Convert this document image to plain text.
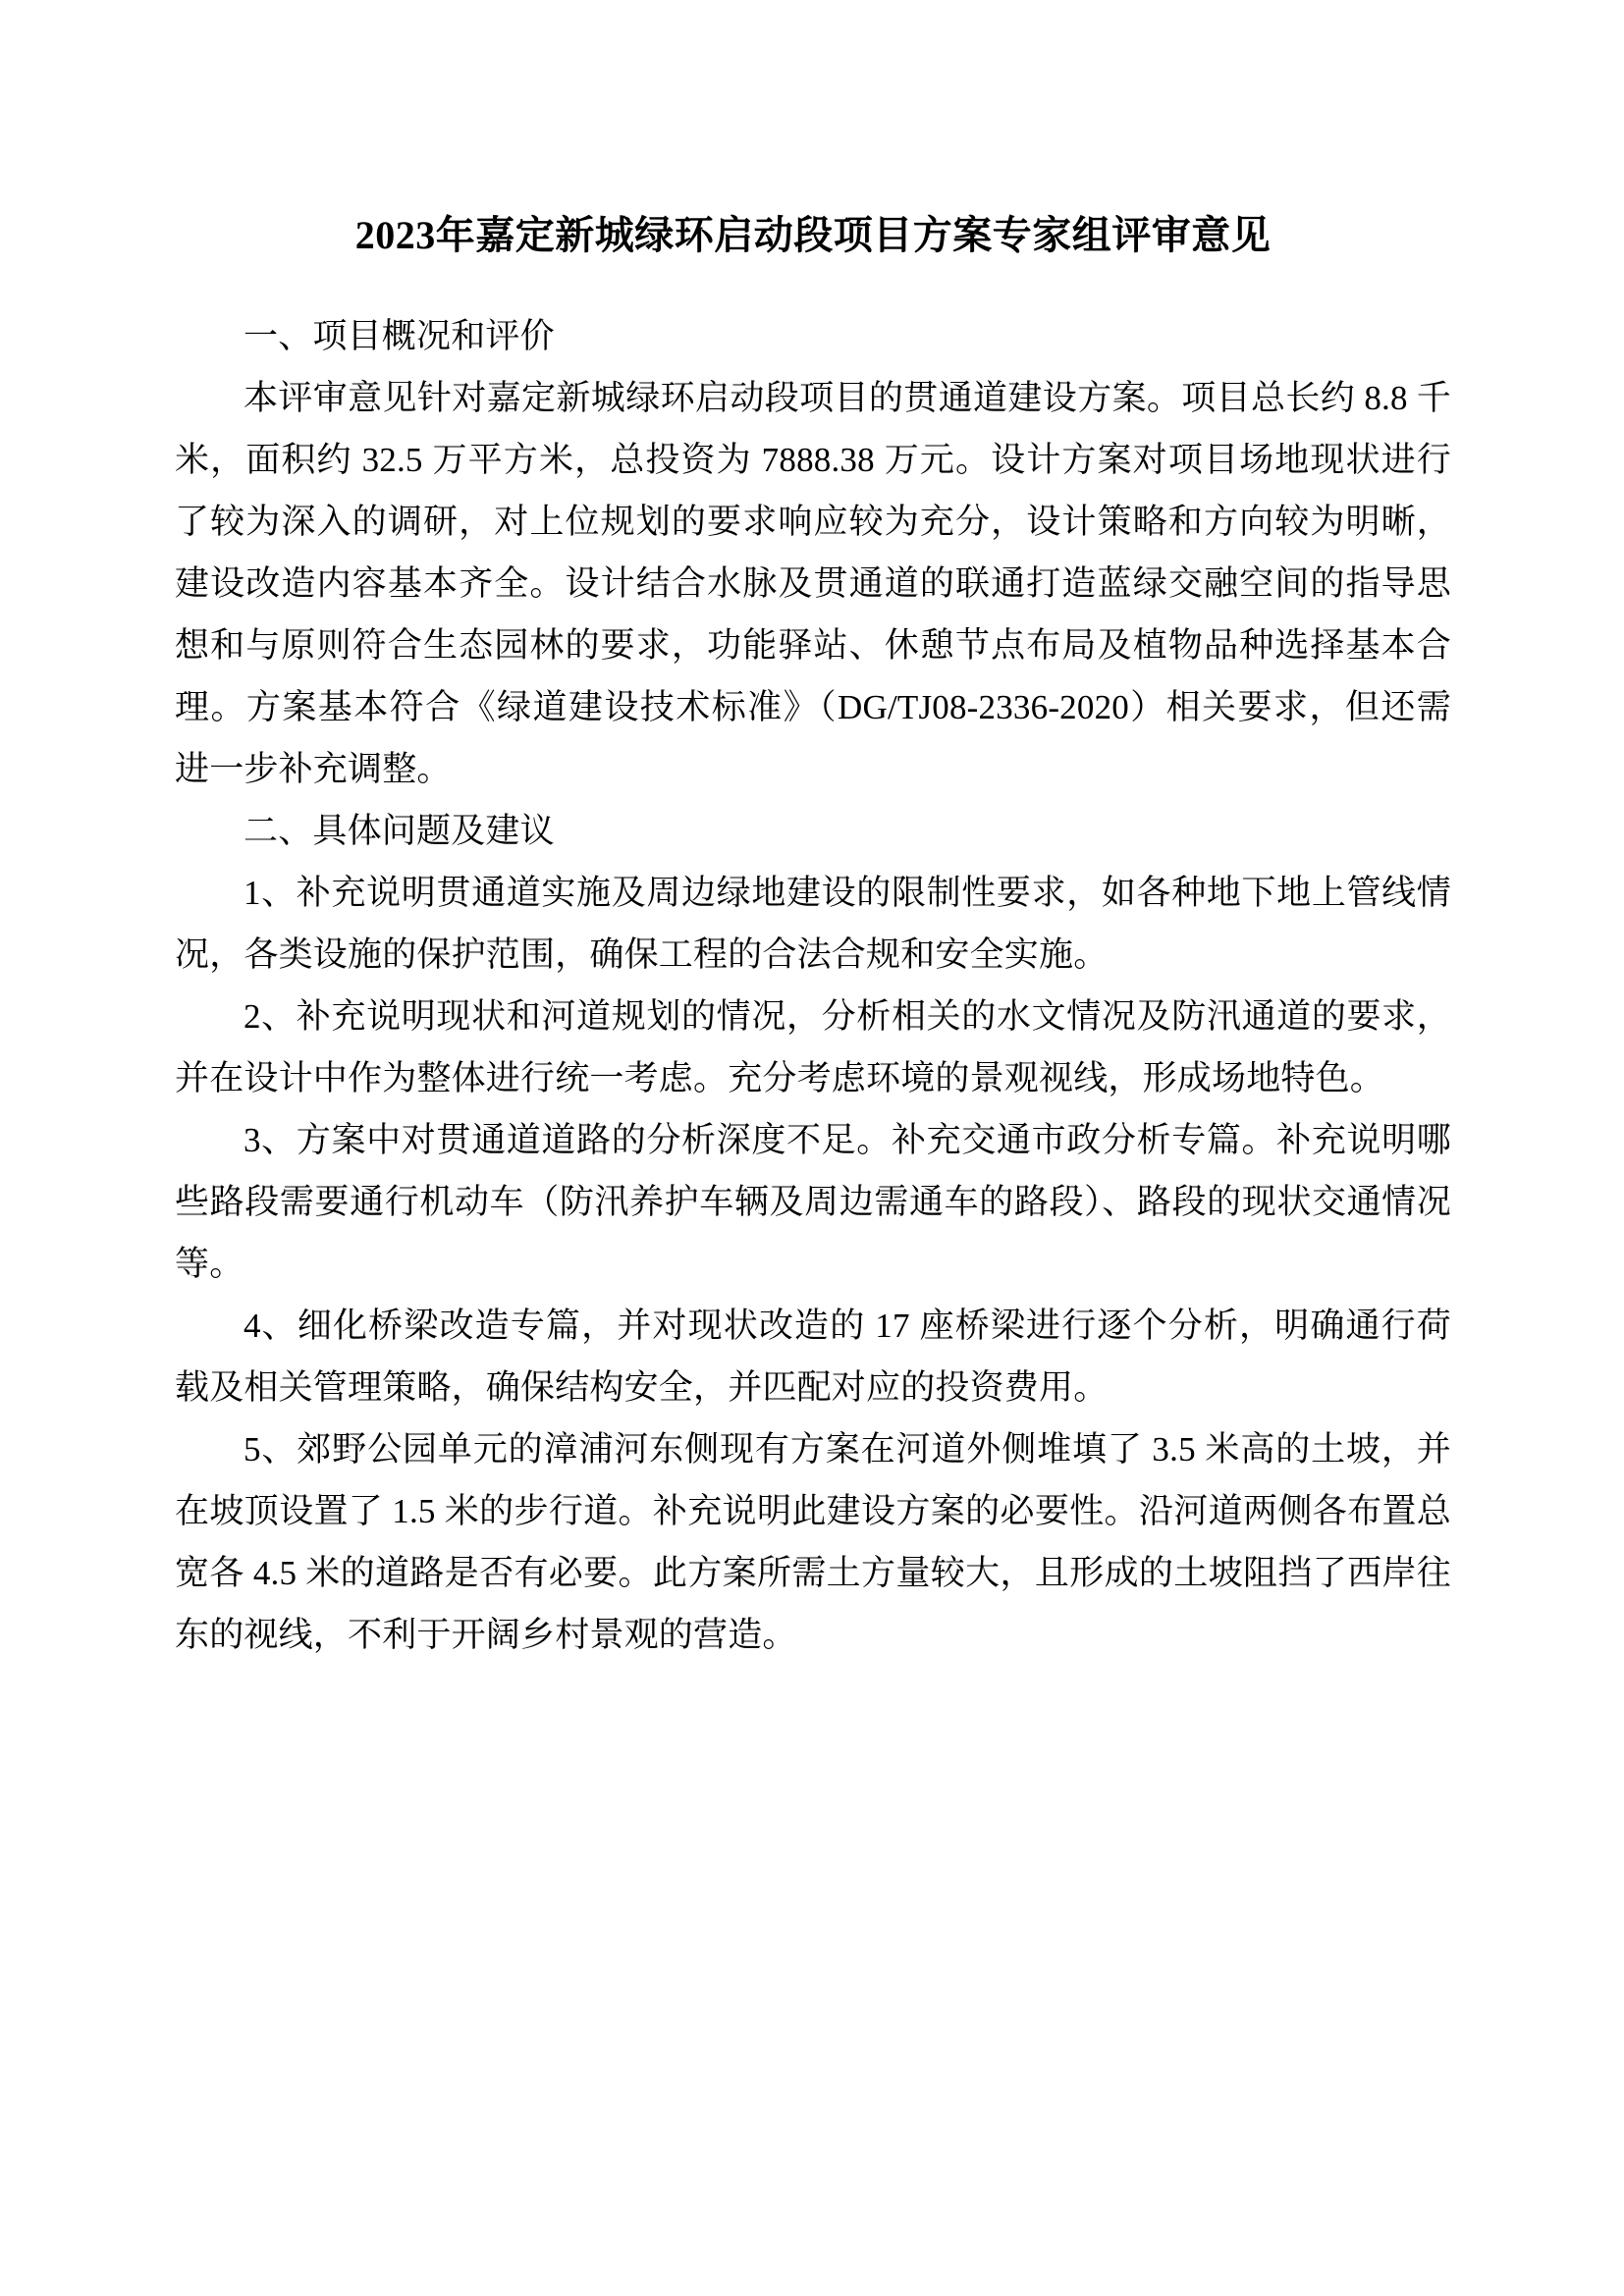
2023年嘉定新城绿环启动段项目方案专家组评审意见

一、项目概况和评价

本评审意见针对嘉定新城绿环启动段项目的贯通道建设方案。项目总长约 8.8 千米，面积约 32.5 万平方米，总投资为 7888.38 万元。设计方案对项目场地现状进行了较为深入的调研，对上位规划的要求响应较为充分，设计策略和方向较为明晰，建设改造内容基本齐全。设计结合水脉及贯通道的联通打造蓝绿交融空间的指导思想和与原则符合生态园林的要求，功能驿站、休憩节点布局及植物品种选择基本合理。方案基本符合《绿道建设技术标准》（DG/TJ08-2336-2020）相关要求，但还需进一步补充调整。

二、具体问题及建议

1、补充说明贯通道实施及周边绿地建设的限制性要求，如各种地下地上管线情况，各类设施的保护范围，确保工程的合法合规和安全实施。

2、补充说明现状和河道规划的情况，分析相关的水文情况及防汛通道的要求，并在设计中作为整体进行统一考虑。充分考虑环境的景观视线，形成场地特色。

3、方案中对贯通道道路的分析深度不足。补充交通市政分析专篇。补充说明哪些路段需要通行机动车（防汛养护车辆及周边需通车的路段）、路段的现状交通情况等。

4、细化桥梁改造专篇，并对现状改造的 17 座桥梁进行逐个分析，明确通行荷载及相关管理策略，确保结构安全，并匹配对应的投资费用。

5、郊野公园单元的漳浦河东侧现有方案在河道外侧堆填了 3.5 米高的土坡，并在坡顶设置了 1.5 米的步行道。补充说明此建设方案的必要性。沿河道两侧各布置总宽各 4.5 米的道路是否有必要。此方案所需土方量较大，且形成的土坡阻挡了西岸往东的视线，不利于开阔乡村景观的营造。
